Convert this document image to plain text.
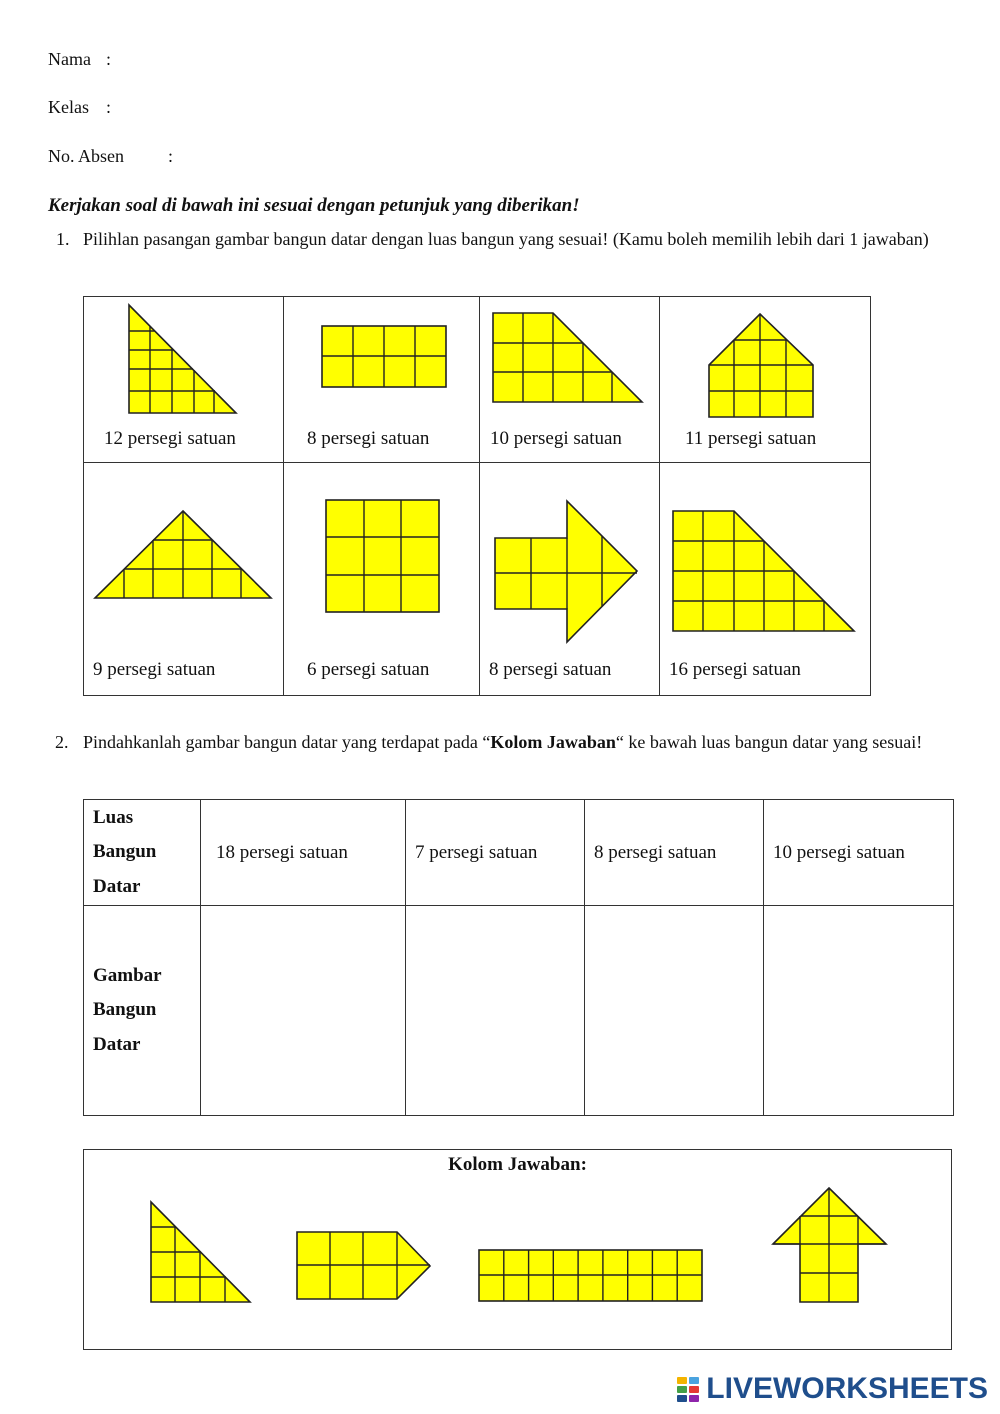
Nama :
Kelas :
No. Absen :
Kerjakan soal di bawah ini sesuai dengan petunjuk yang diberikan!
1. Pilihlan pasangan gambar bangun datar dengan luas bangun yang sesuai! (Kamu boleh memilih lebih dari 1 jawaban)
12 persegi satuan	8 persegi satuan	10 persegi satuan	11 persegi satuan

9 persegi satuan	6 persegi satuan	8 persegi satuan	16 persegi satuan
2. Pindahkanlah gambar bangun datar yang terdapat pada “Kolom Jawaban“ ke bawah luas bangun datar yang sesuai!
Luas Bangun Datar	18 persegi satuan	7 persegi satuan	8 persegi satuan	10 persegi satuan
Gambar Bangun Datar				
Kolom Jawaban:
LIVEWORKSHEETS
